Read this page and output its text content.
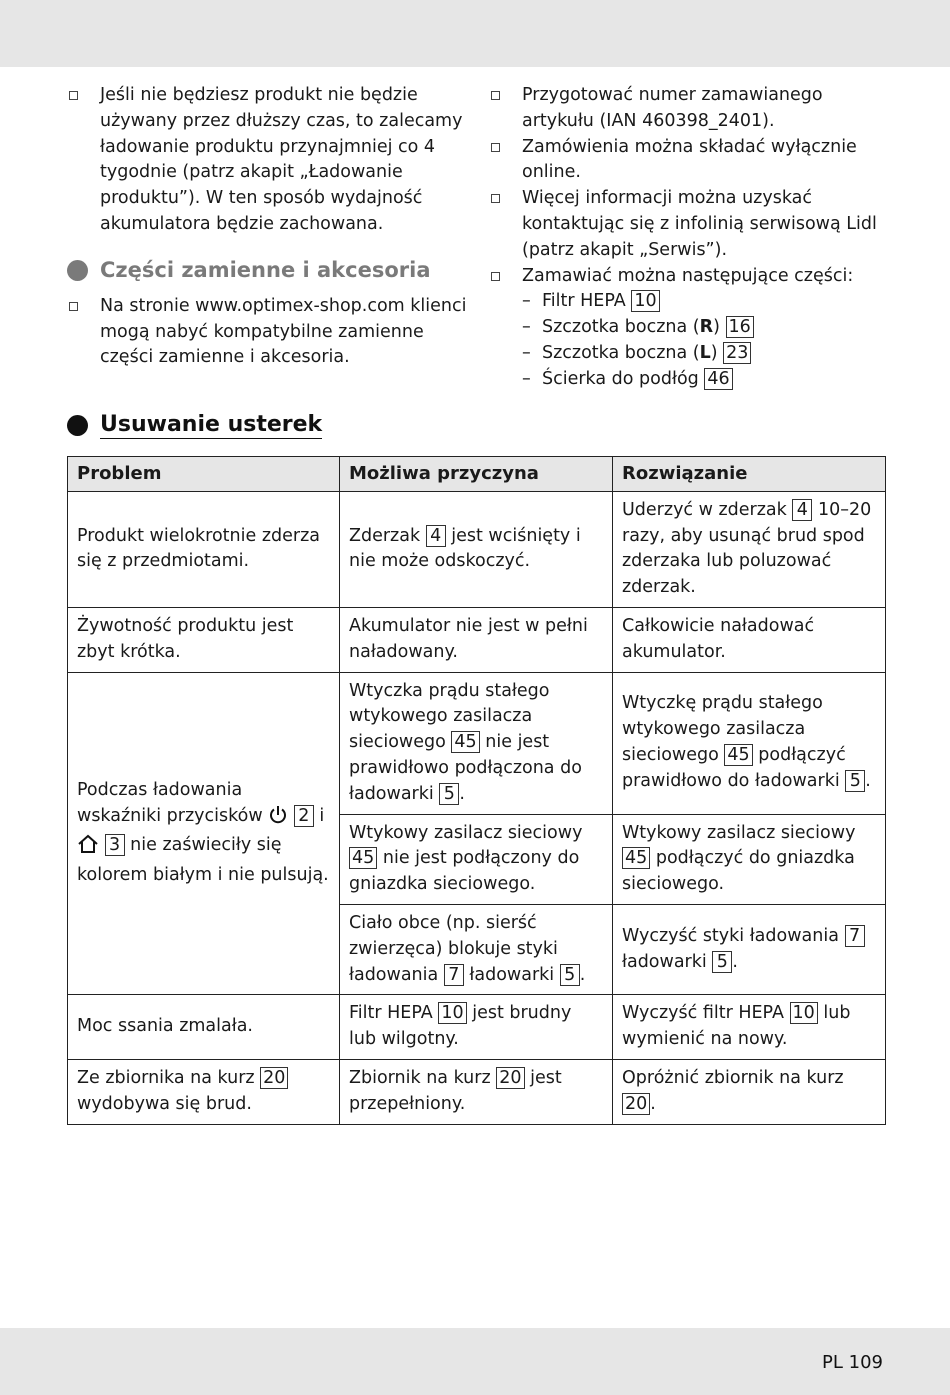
Jeśli nie będziesz produkt nie będzie używany przez dłuższy czas, to zalecamy ładowanie produktu przynajmniej co 4 tygodnie (patrz akapit „Ładowanie produktu”). W ten sposób wydajność akumulatora będzie zachowana.
Części zamienne i akcesoria
Na stronie www.optimex-shop.com klienci mogą nabyć kompatybilne zamienne części zamienne i akcesoria.
Przygotować numer zamawianego artykułu (IAN 460398_2401).
Zamówienia można składać wyłącznie online.
Więcej informacji można uzyskać kontaktując się z infolinią serwisową Lidl (patrz akapit „Serwis”).
Zamawiać można następujące części:
– Filtr HEPA 10
– Szczotka boczna (R) 16
– Szczotka boczna (L) 23
– Ścierka do podłóg 46
Usuwanie usterek
Problem	Możliwa przyczyna	Rozwiązanie
Produkt wielokrotnie zderza się z przedmiotami.	Zderzak 4 jest wciśnięty i nie może odskoczyć.	Uderzyć w zderzak 4 10–20 razy, aby usunąć brud spod zderzaka lub poluzować zderzak.
Żywotność produktu jest zbyt krótka.	Akumulator nie jest w pełni naładowany.	Całkowicie naładować akumulator.
Podczas ładowania wskaźniki przycisków 2 i  3 nie zaświeciły się kolorem białym i nie pulsują.	Wtyczka prądu stałego wtykowego zasilacza sieciowego 45 nie jest prawidłowo podłączona do ładowarki 5 .	Wtyczkę prądu stałego wtykowego zasilacza sieciowego 45 podłączyć prawidłowo do ładowarki 5 .
	Wtykowy zasilacz sieciowy 45 nie jest podłączony do gniazdka sieciowego.	Wtykowy zasilacz sieciowy 45 podłączyć do gniazdka sieciowego.
	Ciało obce (np. sierść zwierzęca) blokuje styki ładowania 7 ładowarki 5 .	Wyczyść styki ładowania 7 ładowarki 5 .
Moc ssania zmalała.	Filtr HEPA 10 jest brudny lub wilgotny.	Wyczyść filtr HEPA 10 lub wymienić na nowy.
Ze zbiornika na kurz 20 wydobywa się brud.	Zbiornik na kurz 20 jest przepełniony.	Opróżnić zbiornik na kurz 20 .
PL 109
